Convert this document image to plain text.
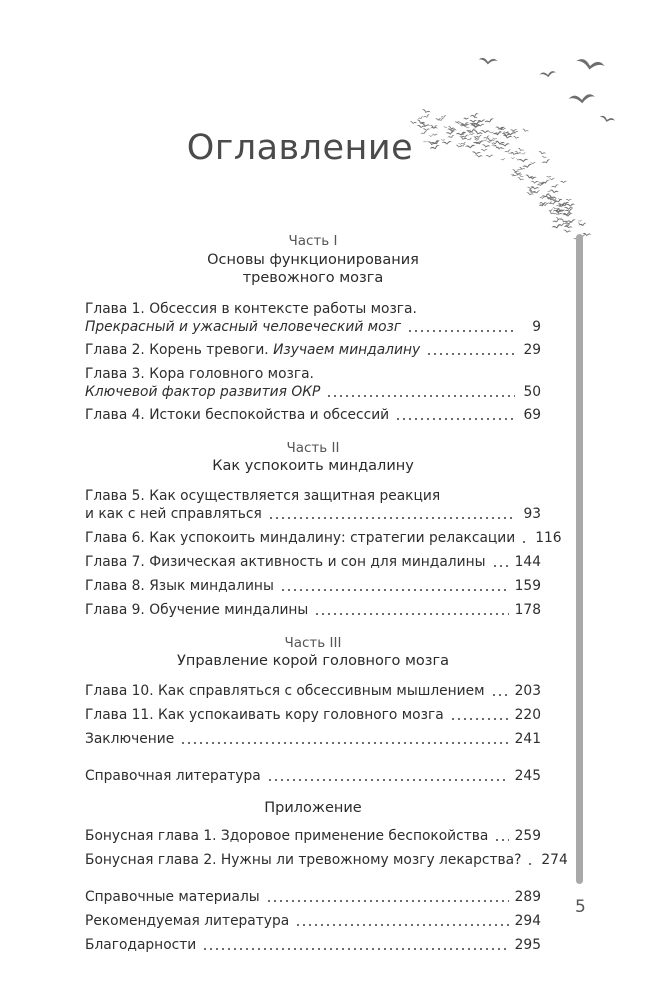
Оглавление
Часть I
Основы функционирования
тревожного мозга
Глава 1. Обсессия в контексте работы мозга.
Прекрасный и ужасный человеческий мозг	9
Глава 2. Корень тревоги. Изучаем миндалину	29
Глава 3. Кора головного мозга.
Ключевой фактор развития ОКР	50
Глава 4. Истоки беспокойства и обсессий	69
Часть II
Как успокоить миндалину
Глава 5. Как осуществляется защитная реакция
и как с ней справляться	93
Глава 6. Как успокоить миндалину: стратегии релаксации 116
Глава 7. Физическая активность и сон для миндалины 144
Глава 8. Язык миндалины	159
Глава 9. Обучение миндалины	178
Часть III
Управление корой головного мозга
Глава 10. Как справляться с обсессивным мышлением 203
Глава 11. Как успокаивать кору головного мозга	220
Заключение	241
Справочная литература	245
Приложение
Бонусная глава 1. Здоровое применение беспокойства 259
Бонусная глава 2. Нужны ли тревожному мозгу лекарства? 274
Справочные материалы	289
Рекомендуемая литература	294
Благодарности	295
5
